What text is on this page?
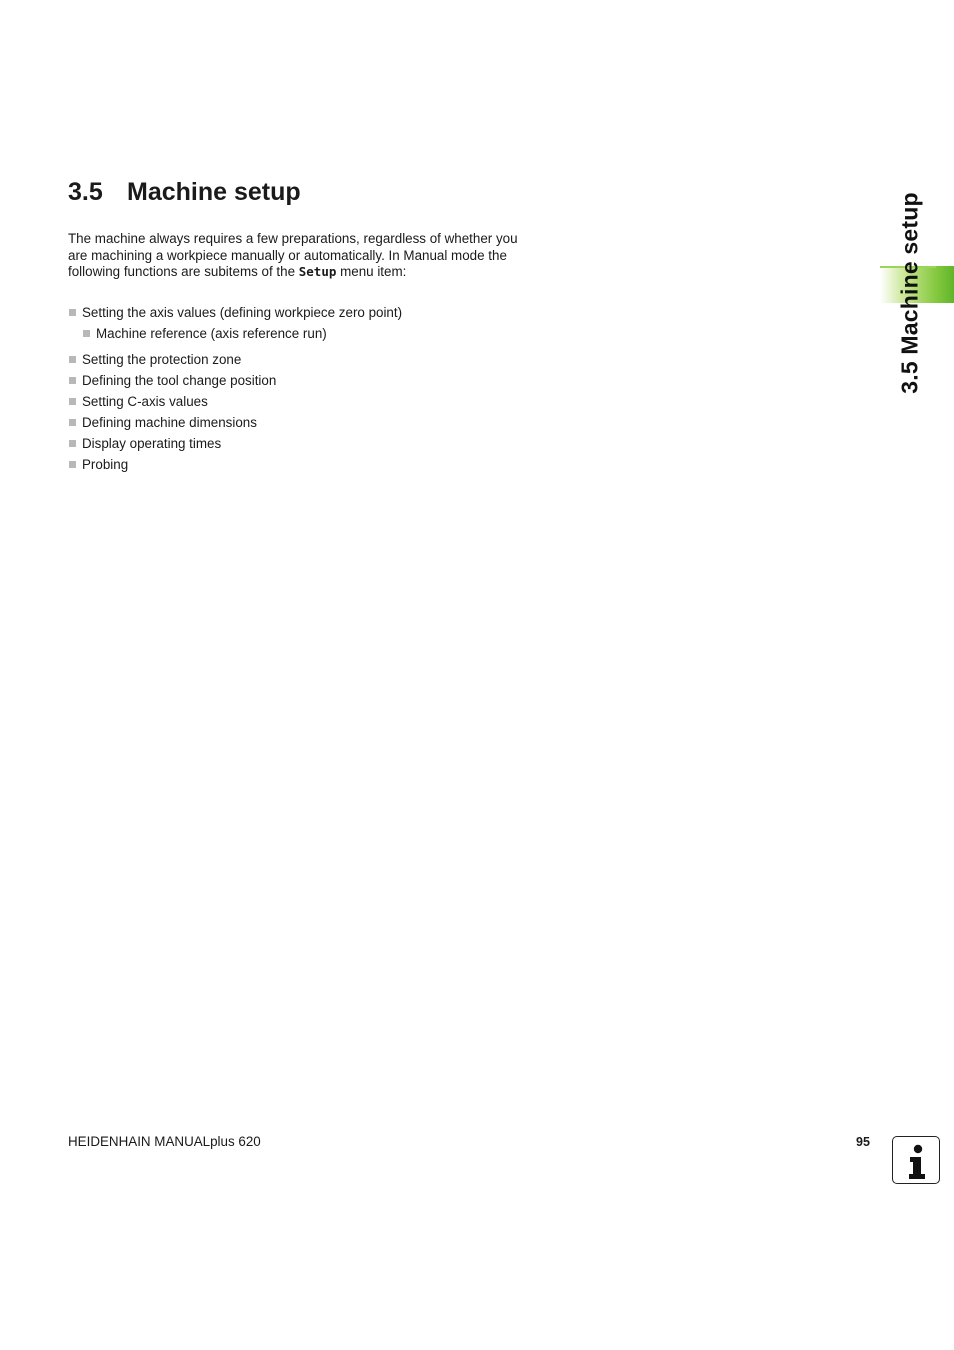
3.5 Machine setup

The machine always requires a few preparations, regardless of whether you are machining a workpiece manually or automatically. In Manual mode the following functions are subitems of the Setup menu item:

Setting the axis values (defining workpiece zero point)
Machine reference (axis reference run)
Setting the protection zone
Defining the tool change position
Setting C-axis values
Defining machine dimensions
Display operating times
Probing
3.5 Machine setup
HEIDENHAIN MANUALplus 620	95
